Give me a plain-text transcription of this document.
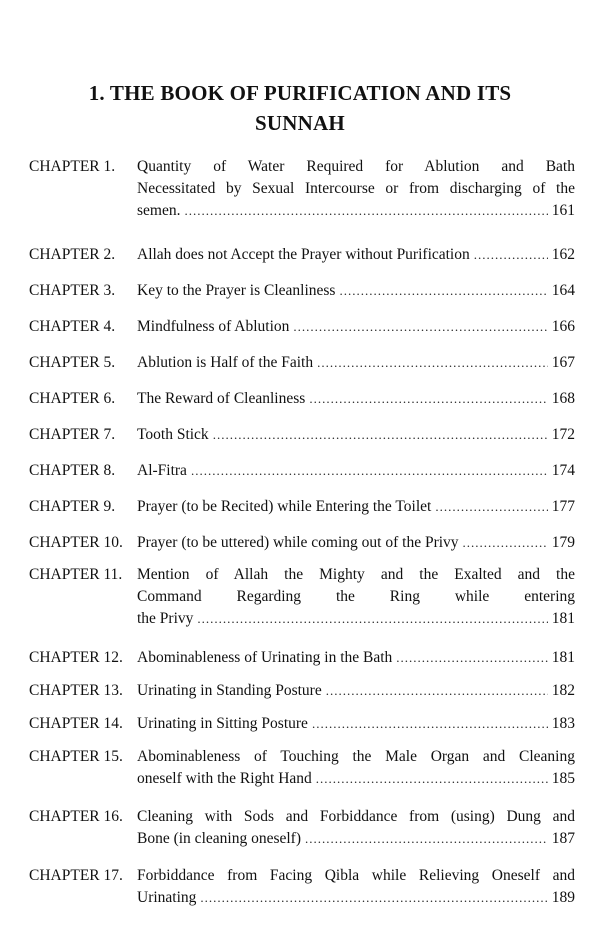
1. THE BOOK OF PURIFICATION AND ITS
SUNNAH
CHAPTER 1.	Quantity of Water Required for Ablution and Bath
Necessitated by Sexual Intercourse or from discharging of the
semen. .....	161
CHAPTER 2.	Allah does not Accept the Prayer without Purification .....	162
CHAPTER 3.	Key to the Prayer is Cleanliness .....	164
CHAPTER 4.	Mindfulness of Ablution .....	166
CHAPTER 5.	Ablution is Half of the Faith .....	167
CHAPTER 6.	The Reward of Cleanliness .....	168
CHAPTER 7.	Tooth Stick .....	172
CHAPTER 8.	Al-Fitra .....	174
CHAPTER 9.	Prayer (to be Recited) while Entering the Toilet .....	177
CHAPTER 10. Prayer (to be uttered) while coming out of the Privy .....	179
CHAPTER 11. Mention of Allah the Mighty and the Exalted and the
Command Regarding the Ring while entering
the Privy .....	181
CHAPTER 12. Abominableness of Urinating in the Bath .....	181
CHAPTER 13. Urinating in Standing Posture .....	182
CHAPTER 14. Urinating in Sitting Posture .....	183
CHAPTER 15. Abominableness of Touching the Male Organ and Cleaning
oneself with the Right Hand .....	185
CHAPTER 16. Cleaning with Sods and Forbiddance from (using) Dung and
Bone (in cleaning oneself) .....	187
CHAPTER 17. Forbiddance from Facing Qibla while Relieving Oneself and
Urinating .....	189
